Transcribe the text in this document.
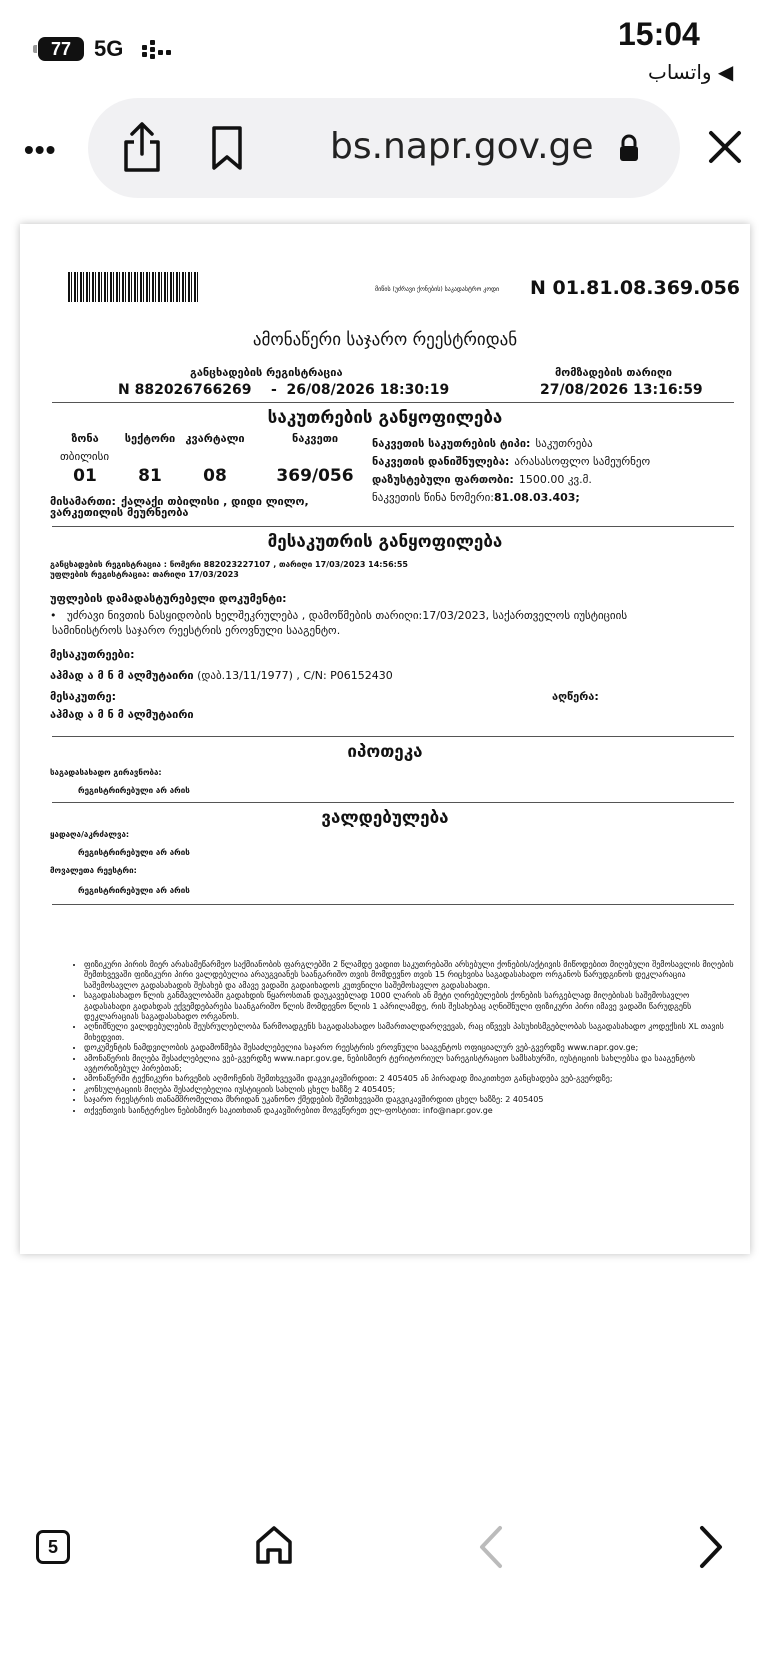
77 5G	15:04
◀ واتساب
•••	bs.napr.gov.ge
მიწის (უძრავი ქონების) საკადასტრო კოდი N 01.81.08.369.056
ამონაწერი საჯარო რეესტრიდან
განცხადების რეგისტრაცია
N 882026766269    -  26/08/2026 18:30:19
მომზადების თარიღი
27/08/2026 13:16:59
საკუთრების განყოფილება
ზონა	სექტორი კვარტალი	ნაკვეთი
თბილისი
01	81	08	369/056
მისამართი: ქალაქი თბილისი , დიდი ლილო,
ვარკეთილის მეურნეობა
ნაკვეთის საკუთრების ტიპი: საკუთრება
ნაკვეთის დანიშნულება: არასასოფლო სამეურნეო
დაზუსტებული ფართობი: 1500.00 კვ.მ.
ნაკვეთის წინა ნომერი:81.08.03.403;
მესაკუთრის განყოფილება
განცხადების რეგისტრაცია : ნომერი 882023227107 , თარიღი 17/03/2023 14:56:55
უფლების რეგისტრაცია: თარიღი 17/03/2023
უფლების დამადასტურებელი დოკუმენტი:
•   უძრავი ნივთის ნასყიდობის ხელშეკრულება , დამოწმების თარიღი:17/03/2023, საქართველოს იუსტიციის
სამინისტროს საჯარო რეესტრის ეროვნული სააგენტო.
მესაკუთრეები:
აჰმად ა მ ნ მ ალმუტაირი (დაბ.13/11/1977) , C/N: P06152430
მესაკუთრე:
აჰმად ა მ ნ მ ალმუტაირი
აღწერა:
იპოთეკა
საგადასახადო გირავნობა:
რეგისტრირებული არ არის
ვალდებულება
ყადაღა/აკრძალვა:
რეგისტრირებული არ არის
მოვალეთა რეესტრი:
რეგისტრირებული არ არის
• ფიზიკური პირის მიერ არასამეწარმეო საქმიანობის ფარგლებში 2 წლამდე ვადით საკუთრებაში არსებული ქონების/აქტივის მიწოდებით მიღებული შემოსავლის მიღების შემთხვევაში ფიზიკური პირი ვალდებულია არაუგვიანეს საანგარიშო თვის მომდევნო თვის 15 რიცხვისა საგადასახადო ორგანოს წარუდგინოს დეკლარაცია საშემოსავლო გადასახადის შესახებ და ამავე ვადაში გადაიხადოს კუთვნილი საშემოსავლო გადასახადი.
• საგადასახადო წლის განმავლობაში გადახდის წყაროსთან დაუკავებლად 1000 ლარის ან მეტი ღირებულების ქონების სარგებლად მიღებისას საშემოსავლო გადასახადი გადახდას ექვემდებარება საანგარიშო წლის მომდევნო წლის 1 აპრილამდე, რის შესახებაც აღნიშნული ფიზიკური პირი იმავე ვადაში წარუდგენს დეკლარაციას საგადასახადო ორგანოს.
• აღნიშნული ვალდებულების შეუსრულებლობა წარმოადგენს საგადასახადო სამართალდარღვევას, რაც იწვევს პასუხისმგებლობას საგადასახადო კოდექსის XL თავის მიხედვით.
• დოკუმენტის ნამდვილობის გადამოწმება შესაძლებელია საჯარო რეესტრის ეროვნული სააგენტოს ოფიციალურ ვებ-გვერდზე www.napr.gov.ge;
• ამონაწერის მიღება შესაძლებელია ვებ-გვერდზე www.napr.gov.ge, ნებისმიერ ტერიტორიულ სარეგისტრაციო სამსახურში, იუსტიციის სახლებსა და სააგენტოს ავტორიზებულ პირებთან;
• ამონაწერში ტექნიკური ხარვეზის აღმოჩენის შემთხვევაში დაგვიკავშირდით: 2 405405 ან პირადად მიაკითხეთ განცხადება ვებ-გვერდზე;
• კონსულტაციის მიღება შესაძლებელია იუსტიციის სახლის ცხელ ხაზზე 2 405405;
• საჯარო რეესტრის თანამშრომელთა მხრიდან უკანონო ქმედების შემთხვევაში დაგვიკავშირდით ცხელ ხაზზე: 2 405405
• თქვენთვის საინტერესო ნებისმიერ საკითხთან დაკავშირებით მოგვწერეთ ელ-ფოსტით: info@napr.gov.ge
5
